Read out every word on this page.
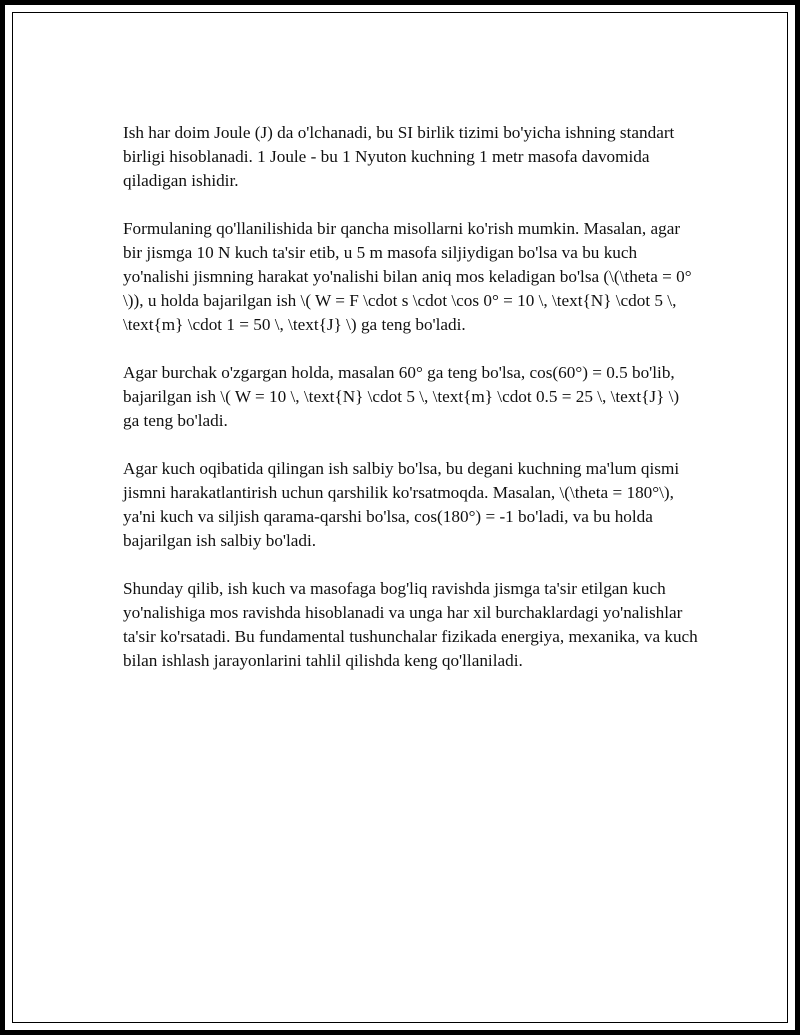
Ish har doim Joule (J) da o'lchanadi, bu SI birlik tizimi bo'yicha ishning standart birligi hisoblanadi. 1 Joule - bu 1 Nyuton kuchning 1 metr masofa davomida qiladigan ishidir.

Formulaning qo'llanilishida bir qancha misollarni ko'rish mumkin. Masalan, agar bir jismga 10 N kuch ta'sir etib, u 5 m masofa siljiydigan bo'lsa va bu kuch yo'nalishi jismning harakat yo'nalishi bilan aniq mos keladigan bo'lsa (\(\theta = 0°\)), u holda bajarilgan ish \( W = F \cdot s \cdot \cos 0° = 10 \, \text{N} \cdot 5 \, \text{m} \cdot 1 = 50 \, \text{J} \) ga teng bo'ladi.

Agar burchak o'zgargan holda, masalan 60° ga teng bo'lsa, cos(60°) = 0.5 bo'lib, bajarilgan ish \( W = 10 \, \text{N} \cdot 5 \, \text{m} \cdot 0.5 = 25 \, \text{J} \) ga teng bo'ladi.

Agar kuch oqibatida qilingan ish salbiy bo'lsa, bu degani kuchning ma'lum qismi jismni harakatlantirish uchun qarshilik ko'rsatmoqda. Masalan, \(\theta = 180°\), ya'ni kuch va siljish qarama-qarshi bo'lsa, cos(180°) = -1 bo'ladi, va bu holda bajarilgan ish salbiy bo'ladi.

Shunday qilib, ish kuch va masofaga bog'liq ravishda jismga ta'sir etilgan kuch yo'nalishiga mos ravishda hisoblanadi va unga har xil burchaklardagi yo'nalishlar ta'sir ko'rsatadi. Bu fundamental tushunchalar fizikada energiya, mexanika, va kuch bilan ishlash jarayonlarini tahlil qilishda keng qo'llaniladi.
